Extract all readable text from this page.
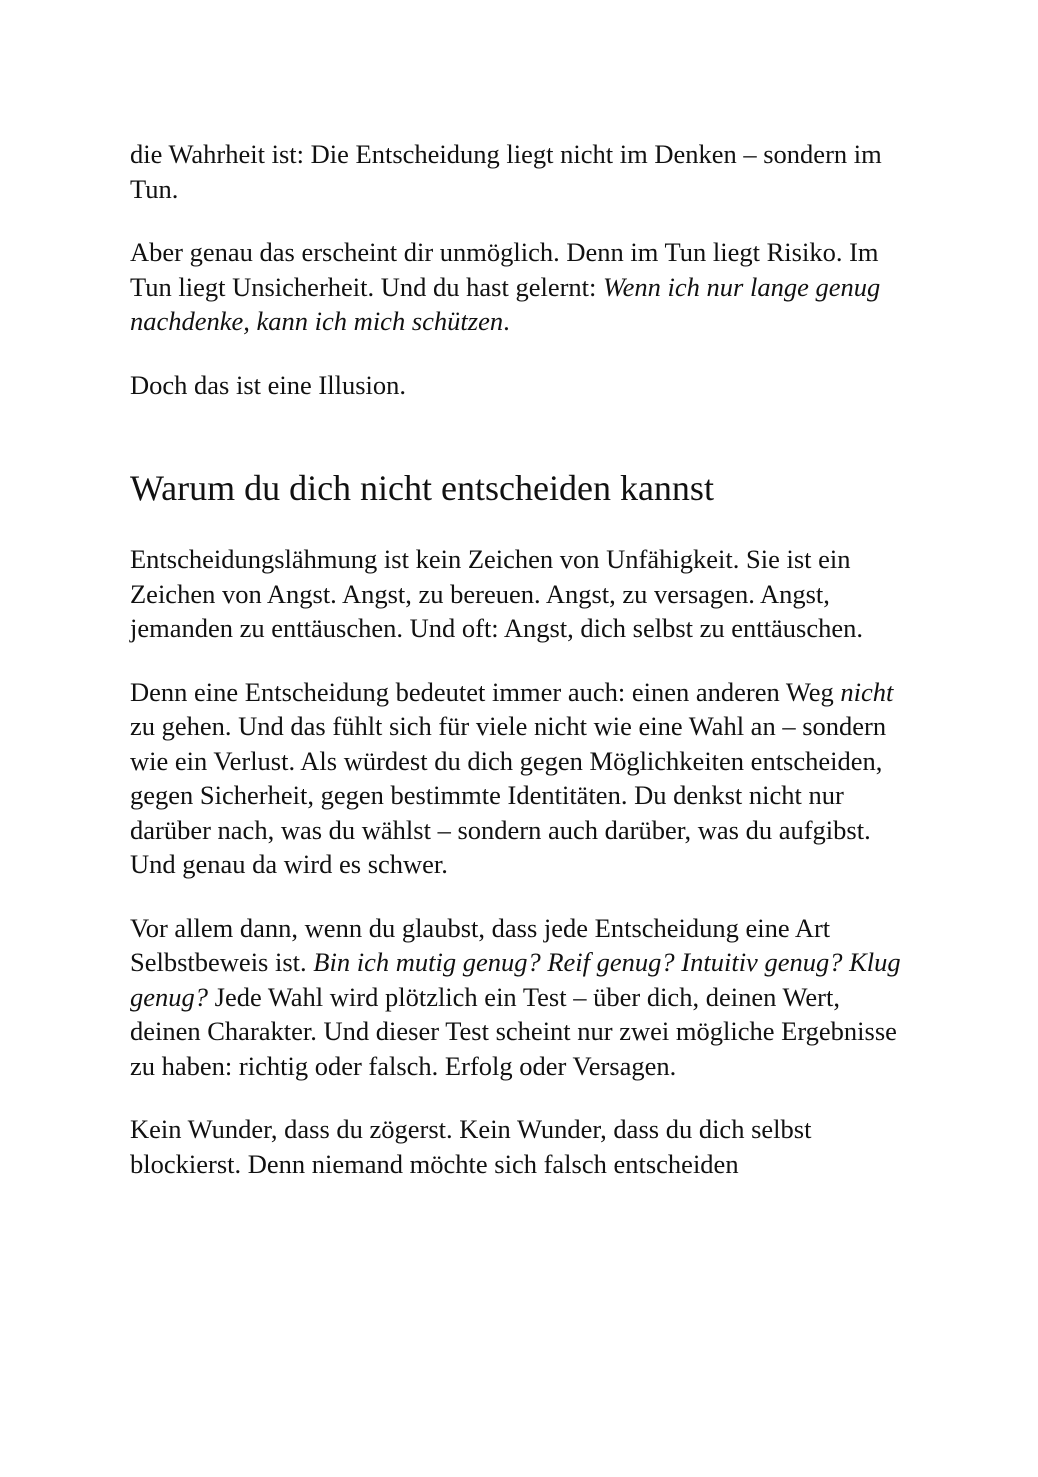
die Wahrheit ist: Die Entscheidung liegt nicht im Denken – sondern im Tun.

Aber genau das erscheint dir unmöglich. Denn im Tun liegt Risiko. Im Tun liegt Unsicherheit. Und du hast gelernt: Wenn ich nur lange genug nachdenke, kann ich mich schützen.

Doch das ist eine Illusion.

Warum du dich nicht entscheiden kannst

Entscheidungslähmung ist kein Zeichen von Unfähigkeit. Sie ist ein Zeichen von Angst. Angst, zu bereuen. Angst, zu versagen. Angst, jemanden zu enttäuschen. Und oft: Angst, dich selbst zu enttäuschen.

Denn eine Entscheidung bedeutet immer auch: einen anderen Weg nicht zu gehen. Und das fühlt sich für viele nicht wie eine Wahl an – sondern wie ein Verlust. Als würdest du dich gegen Möglichkeiten entscheiden, gegen Sicherheit, gegen bestimmte Identitäten. Du denkst nicht nur darüber nach, was du wählst – sondern auch darüber, was du aufgibst. Und genau da wird es schwer.

Vor allem dann, wenn du glaubst, dass jede Entscheidung eine Art Selbstbeweis ist. Bin ich mutig genug? Reif genug? Intuitiv genug? Klug genug? Jede Wahl wird plötzlich ein Test – über dich, deinen Wert, deinen Charakter. Und dieser Test scheint nur zwei mögliche Ergebnisse zu haben: richtig oder falsch. Erfolg oder Versagen.

Kein Wunder, dass du zögerst. Kein Wunder, dass du dich selbst blockierst. Denn niemand möchte sich falsch entscheiden
